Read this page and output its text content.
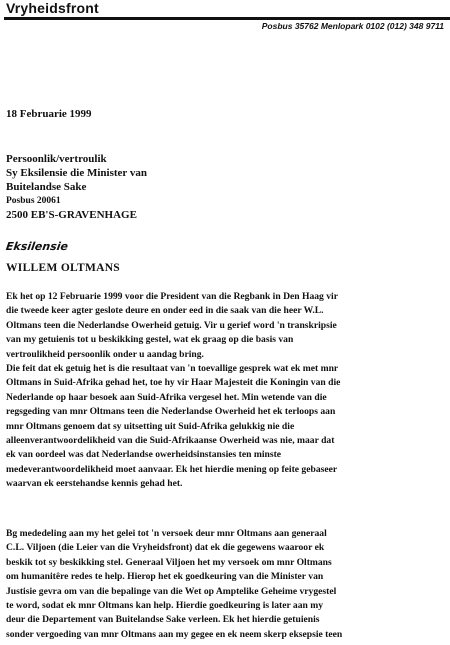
Vryheidsfront
Posbus 35762 Menlopark 0102 (012) 348 9711
18 Februarie 1999
Persoonlik/vertroulik
Sy Eksilensie die Minister van
Buitelandse Sake
Posbus 20061
2500 EB'S-GRAVENHAGE
Eksilensie
WILLEM OLTMANS
Ek het op 12 Februarie 1999 voor die President van die Regbank in Den Haag vir
die tweede keer agter geslote deure en onder eed in die saak van die heer W.L.
Oltmans teen die Nederlandse Owerheid getuig. Vir u gerief word 'n transkripsie
van my getuienis tot u beskikking gestel, wat ek graag op die basis van
vertroulikheid persoonlik onder u aandag bring.
Die feit dat ek getuig het is die resultaat van 'n toevallige gesprek wat ek met mnr
Oltmans in Suid-Afrika gehad het, toe hy vir Haar Majesteit die Koningin van die
Nederlande op haar besoek aan Suid-Afrika vergesel het. Min wetende van die
regsgeding van mnr Oltmans teen die Nederlandse Owerheid het ek terloops aan
mnr Oltmans genoem dat sy uitsetting uit Suid-Afrika gelukkig nie die
alleenverantwoordelikheid van die Suid-Afrikaanse Owerheid was nie, maar dat
ek van oordeel was dat Nederlandse owerheidsinstansies ten minste
medeverantwoordelikheid moet aanvaar. Ek het hierdie mening op feite gebaseer
waarvan ek eerstehandse kennis gehad het.
Bg mededeling aan my het gelei tot 'n versoek deur mnr Oltmans aan generaal
C.L. Viljoen (die Leier van die Vryheidsfront) dat ek die gegewens waaroor ek
beskik tot sy beskikking stel. Generaal Viljoen het my versoek om mnr Oltmans
om humanitêre redes te help. Hierop het ek goedkeuring van die Minister van
Justisie gevra om van die bepalinge van die Wet op Amptelike Geheime vrygestel
te word, sodat ek mnr Oltmans kan help. Hierdie goedkeuring is later aan my
deur die Departement van Buitelandse Sake verleen. Ek het hierdie getuienis
sonder vergoeding van mnr Oltmans aan my gegee en ek neem skerp eksepsie teen
